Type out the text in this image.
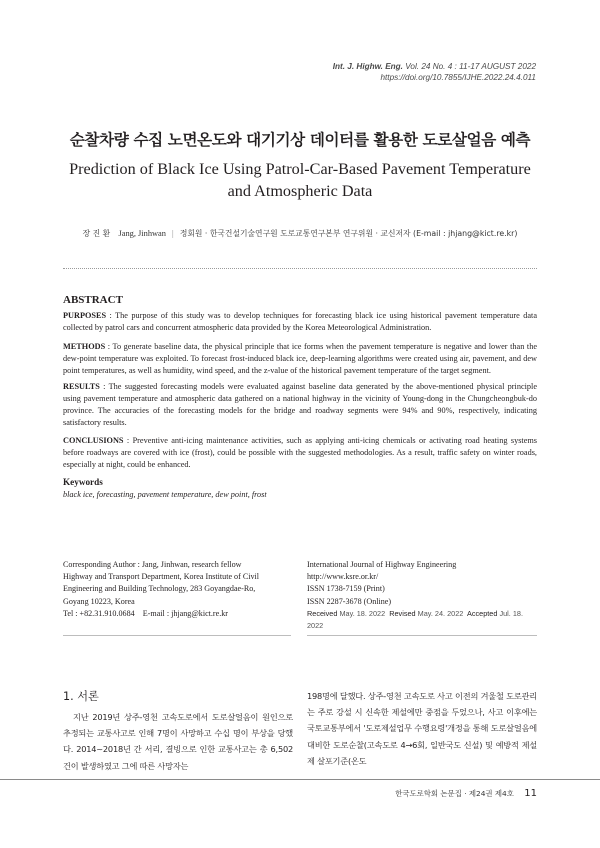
Int. J. Highw. Eng. Vol. 24 No. 4 : 11-17 AUGUST 2022
https://doi.org/10.7855/IJHE.2022.24.4.011
순찰차량 수집 노면온도와 대기기상 데이터를 활용한 도로살얼음 예측
Prediction of Black Ice Using Patrol-Car-Based Pavement Temperature and Atmospheric Data
장 진 환 Jang, Jinhwan | 정회원 · 한국건설기술연구원 도로교통연구본부 연구위원 · 교신저자 (E-mail : jhjang@kict.re.kr)
ABSTRACT
PURPOSES : The purpose of this study was to develop techniques for forecasting black ice using historical pavement temperature data collected by patrol cars and concurrent atmospheric data provided by the Korea Meteorological Administration.
METHODS : To generate baseline data, the physical principle that ice forms when the pavement temperature is negative and lower than the dew-point temperature was exploited. To forecast frost-induced black ice, deep-learning algorithms were created using air, pavement, and dew point temperatures, as well as humidity, wind speed, and the z-value of the historical pavement temperature of the target segment.
RESULTS : The suggested forecasting models were evaluated against baseline data generated by the above-mentioned physical principle using pavement temperature and atmospheric data gathered on a national highway in the vicinity of Young-dong in the Chungcheongbuk-do province. The accuracies of the forecasting models for the bridge and roadway segments were 94% and 90%, respectively, indicating satisfactory results.
CONCLUSIONS : Preventive anti-icing maintenance activities, such as applying anti-icing chemicals or activating road heating systems before roadways are covered with ice (frost), could be possible with the suggested methodologies. As a result, traffic safety on winter roads, especially at night, could be enhanced.
Keywords
black ice, forecasting, pavement temperature, dew point, frost
Corresponding Author : Jang, Jinhwan, research fellow
Highway and Transport Department, Korea Institute of Civil
Engineering and Building Technology, 283 Goyangdae-Ro,
Goyang 10223, Korea
Tel : +82.31.910.0684 E-mail : jhjang@kict.re.kr
International Journal of Highway Engineering
http://www.ksre.or.kr/
ISSN 1738-7159 (Print)
ISSN 2287-3678 (Online)
Received May. 18. 2022 Revised May. 24. 2022 Accepted Jul. 18. 2022
1. 서론
지난 2019년 상주-영천 고속도로에서 도로살얼음이 원인으로 추정되는 교통사고로 인해 7명이 사망하고 수십 명이 부상을 당했다. 2014~2018년 간 서리, 결빙으로 인한 교통사고는 총 6,502건이 발생하였고 그에 따른 사망자는
198명에 달했다. 상주-영천 고속도로 사고 이전의 겨울철 도로관리는 주로 강설 시 신속한 제설에만 중점을 두었으나, 사고 이후에는 국토교통부에서 '도로제설업무 수행요령'개정을 통해 도로살얼음에 대비한 도로순찰(고속도로 4→6회, 일반국도 신설) 및 예방적 제설제 살포기준(온도
한국도로학회 논문집 · 제24권 제4호 11
